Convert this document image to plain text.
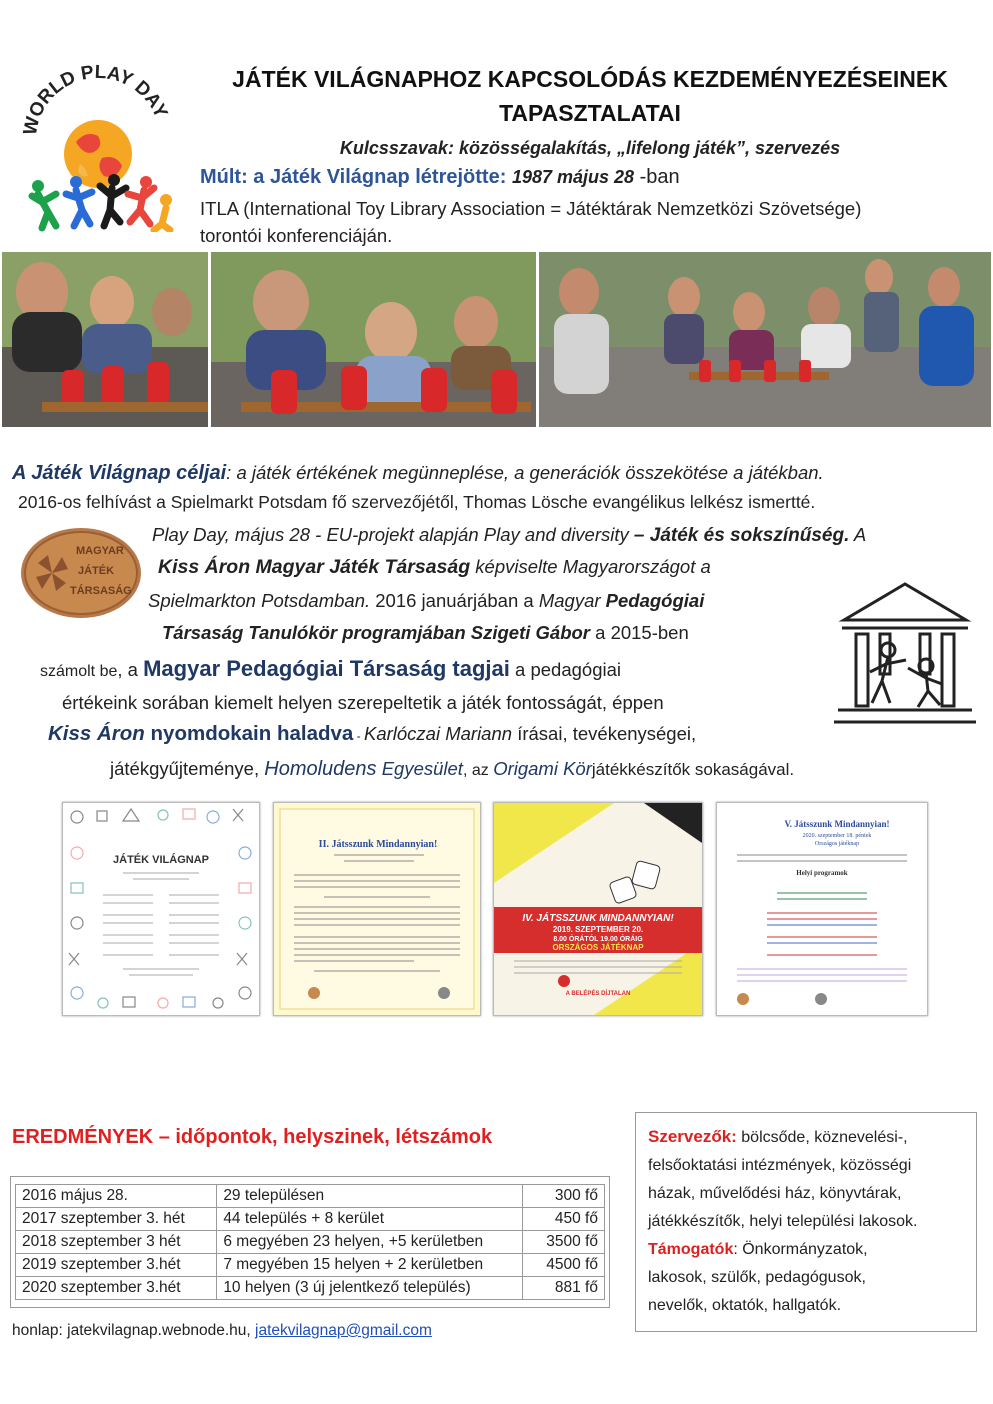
WORLD PLAY DAY
JÁTÉK VILÁGNAPHOZ KAPCSOLÓDÁS KEZDEMÉNYEZÉSEINEK
TAPASZTALATAI
Kulcsszavak: közösségalakítás, „lifelong játék”, szervezés
Múlt: a Játék Világnap létrejötte: 1987 május 28 -ban
ITLA (International Toy Library Association = Játéktárak Nemzetközi Szövetsége)
torontói konferenciáján.
A Játék Világnap céljai: a játék értékének megünneplése, a generációk összekötése a játékban.
2016-os felhívást a Spielmarkt Potsdam fő szervezőjétől, Thomas Lösche evangélikus lelkész ismertté.
Play Day, május 28 - EU-projekt alapján Play and diversity – Játék és sokszínűség. A
Kiss Áron Magyar Játék Társaság képviselte Magyarországot a
Spielmarkton Potsdamban. 2016 januárjában a Magyar Pedagógiai
Társaság Tanulókör programjában Szigeti Gábor a 2015-ben
számolt be, a Magyar Pedagógiai Társaság tagjai a pedagógiai
értékeink sorában kiemelt helyen szerepeltetik a játék fontosságát, éppen
Kiss Áron nyomdokain haladva - Karlóczai Mariann írásai, tevékenységei,
játékgyűjteménye, Homoludens Egyesület, az Origami Körjátékkészítők sokaságával.
MAGYAR
JÁTÉK
TÁRSASÁG
JÁTÉK VILÁGNAP
II. Játsszunk Mindannyian!
IV. JÁTSSZUNK MINDANNYIAN!
2019. SZEPTEMBER 20.
8.00 ÓRÁTÓL 19.00 ÓRÁIG
ORSZÁGOS JÁTÉKNAP
A BELÉPÉS DÍJTALAN
V. Játsszunk Mindannyian!
2020. szeptember 18. péntek
Országos játéknap
Helyi programok
EREDMÉNYEK – időpontok, helyszinek, létszámok
2016 május 28.	29 településen	300 fő
2017 szeptember 3. hét	44 település + 8 kerület	450 fő
2018 szeptember 3 hét	6 megyében 23 helyen, +5 kerületben	3500 fő
2019 szeptember 3.hét	7 megyében 15 helyen + 2 kerületben	4500 fő
2020 szeptember 3.hét	10 helyen (3 új jelentkező település)	881 fő
honlap: jatekvilagnap.webnode.hu, jatekvilagnap@gmail.com
Szervezők: bölcsőde, köznevelési-,
felsőoktatási intézmények, közösségi
házak, művelődési ház, könyvtárak,
játékkészítők, helyi települési lakosok.
Támogatók: Önkormányzatok,
lakosok, szülők, pedagógusok,
nevelők, oktatók, hallgatók.
